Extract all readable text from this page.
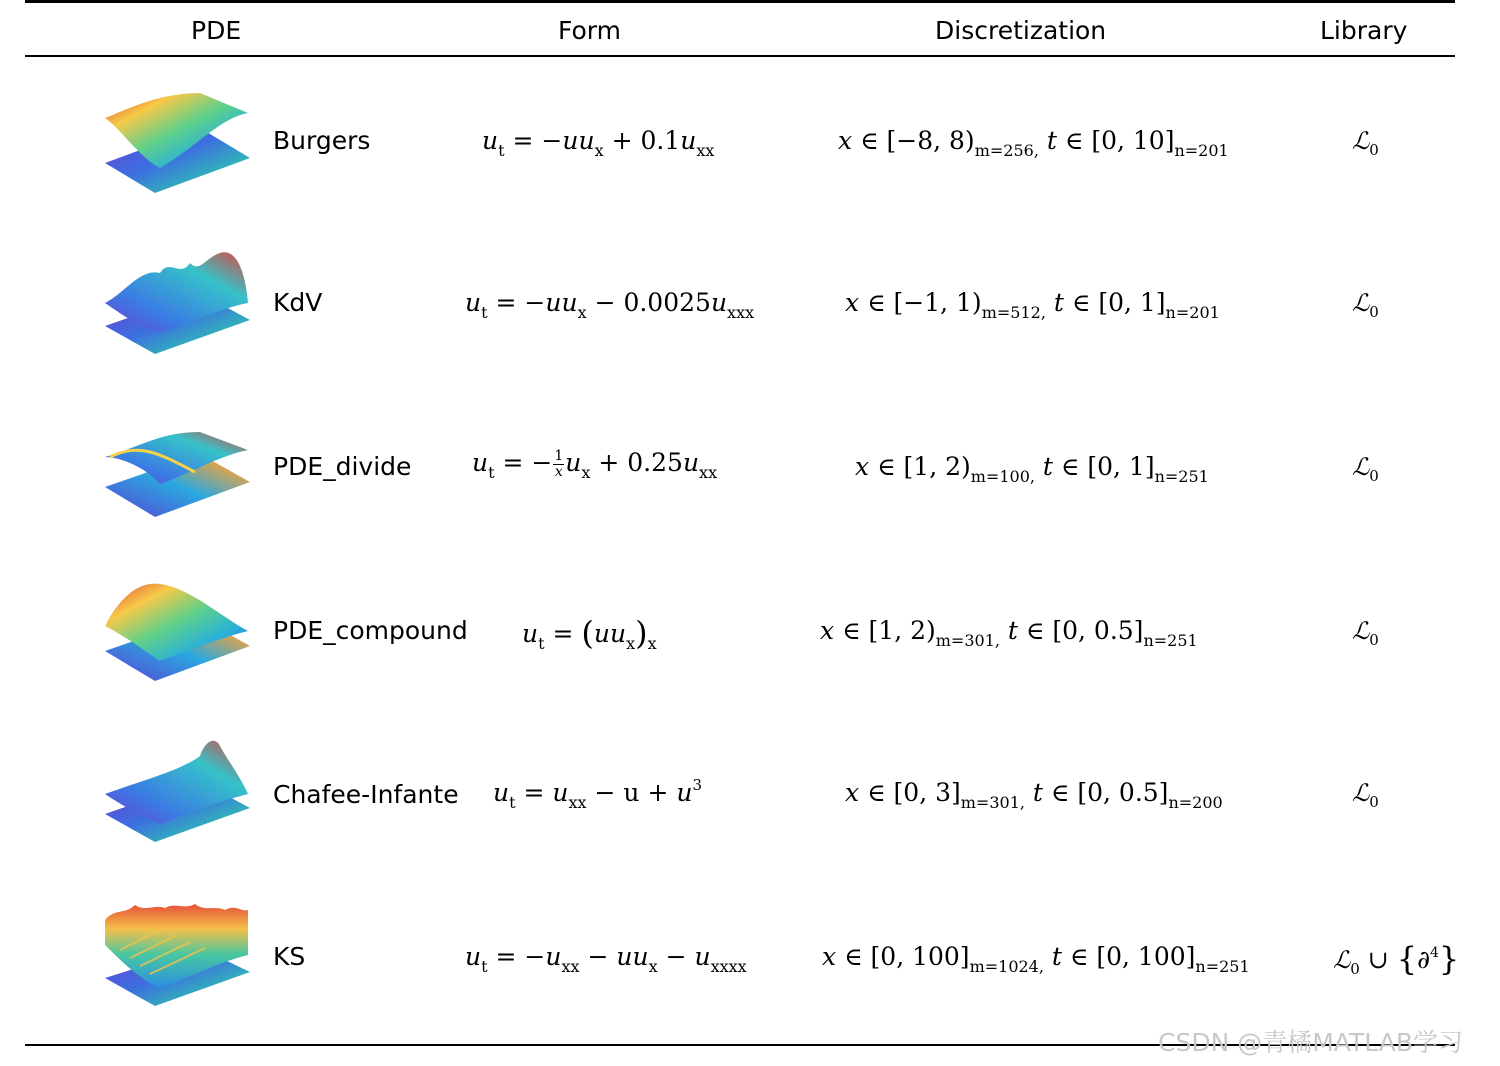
PDE	Form	Discretization	Library
Burgers	$u_t = -uu_x + 0.1u_{xx}$	x ∈ [−8, $8)_{m=256,}$ t ∈ [0, $10]_{n=201}$	ℒ$_0$
KdV	$u_t = -uu_x - 0.0025u_{xxx}$	x ∈ [−1, $1)_{m=512,}$ t ∈ [0, $1]_{n=201}$	ℒ$_0$
PDE_divide $u_t$ = − $\frac{1}{x} u_x + 0.25u_{xx}$	x ∈ [1, $2)_{m=100,}$ t ∈ [0, $1]_{n=251}$	ℒ$_0$
PDE_compound $u_t = (uu_x)_x$	x ∈ [1, $2)_{m=301,}$ t ∈ [0, $0.5]_{n=251}$	ℒ$_0$
Chafee-Infante $u_t = u_{xx} - u + u^3$	x ∈ [0, $3]_{m=301,}$ t ∈ [0, $0.5]_{n=200}$	ℒ$_0$
KS	$u_t = -u_{xx} - uu_x - u_{xxxx}$	x ∈ [0, $100]_{m=1024,}$ t ∈ [0, $100]_{n=251}$	ℒ$_0$ ∪ {∂$^4$}
CSDN @青橘MATLAB学习
